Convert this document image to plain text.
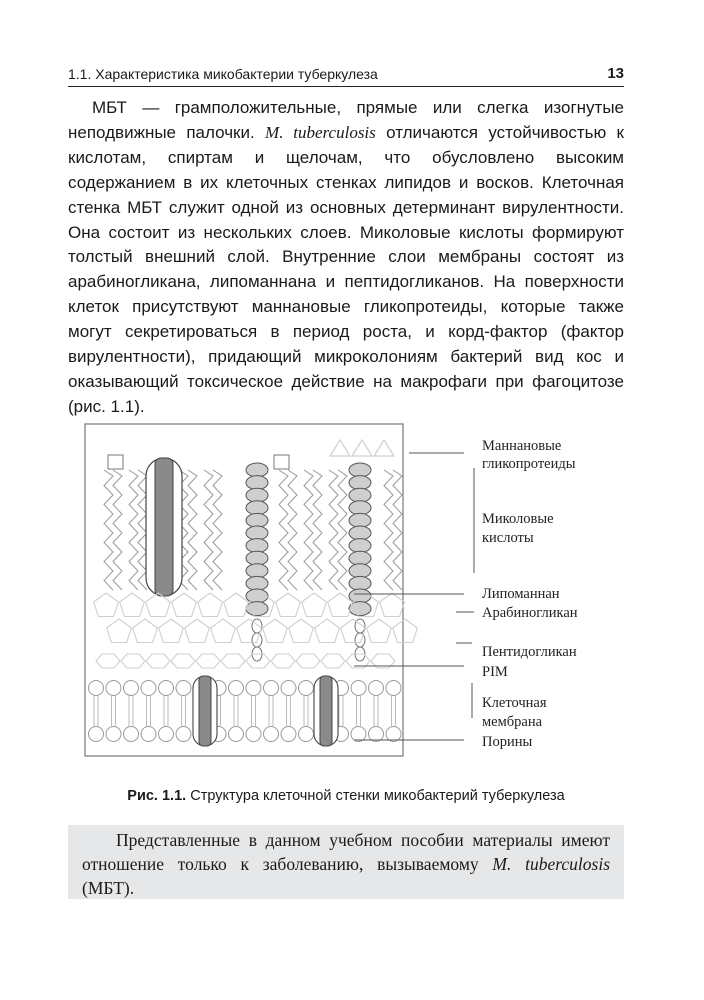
1.1. Характеристика микобактерии туберкулеза	13

МБТ — грамположительные, прямые или слегка изогнутые неподвижные палочки. M. tuberculosis отличаются устойчивостью к кислотам, спиртам и щелочам, что обусловлено высоким содержанием в их клеточных стенках липидов и восков. Клеточная стенка МБТ служит одной из основных детерминант вирулентности. Она состоит из нескольких слоев. Миколовые кислоты формируют толстый внешний слой. Внутренние слои мембраны состоят из арабиногликана, липоманнана и пептидогликанов. На поверхности клеток присутствуют маннановые гликопротеиды, которые также могут секретироваться в период роста, и корд-фактор (фактор вирулентности), придающий микроколониям бактерий вид кос и оказывающий токсическое действие на макрофаги при фагоцитозе (рис. 1.1).

Маннановые
гликопротеиды
Миколовые
кислоты
Липоманнан
Арабиногликан
Пентидогликан
PIM
Клеточная
мембрана
Порины
Рис. 1.1. Структура клеточной стенки микобактерий туберкулеза
Представленные в данном учебном пособии материалы имеют отношение только к заболеванию, вызываемому M. tuberculosis (МБТ).
